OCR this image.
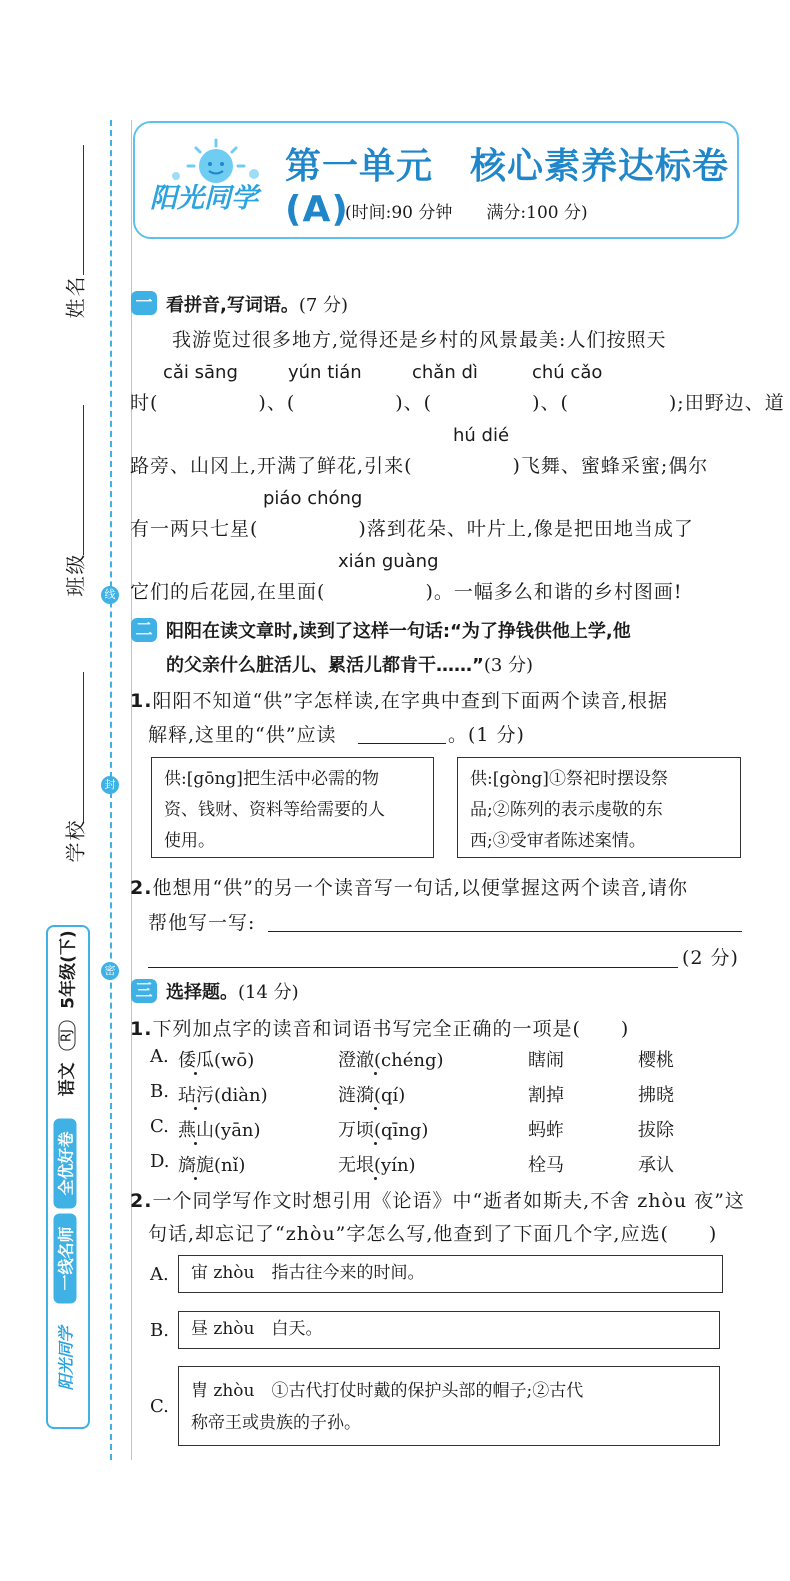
姓名
班级
学校
线
封
密
5年级(下)
RJ
语文
全优好卷
一线名师
阳光同学
阳光同学
第一单元　核心素养达标卷(A)
(时间:90 分钟　　满分:100 分)
一 看拼音,写词语。(7 分)
我游览过很多地方,觉得还是乡村的风景最美:人们按照天
cǎi sāng	yún tián	chǎn dì	chú cǎo
时(　　　　　)、(　　　　　)、(　　　　　)、(　　　　　);田野边、道
hú dié
路旁、山冈上,开满了鲜花,引来(　　　　　)飞舞、蜜蜂采蜜;偶尔
piáo chóng
有一两只七星(　　　　　)落到花朵、叶片上,像是把田地当成了
xián guàng
它们的后花园,在里面(　　　　　)。一幅多么和谐的乡村图画!
二 阳阳在读文章时,读到了这样一句话:“为了挣钱供他上学,他
的父亲什么脏活儿、累活儿都肯干……”(3 分)
1.阳阳不知道“供”字怎样读,在字典中查到下面两个读音,根据
解释,这里的“供”应读	。(1 分)
供:[gōng]把生活中必需的物
资、钱财、资料等给需要的人
使用。
供:[gòng]①祭祀时摆设祭
品;②陈列的表示虔敬的东
西;③受审者陈述案情。
2.他想用“供”的另一个读音写一句话,以便掌握这两个读音,请你
帮他写一写:
(2 分)
三 选择题。(14 分)
1.下列加点字的读音和词语书写完全正确的一项是(　　)
A. 倭瓜(wō)	澄澈(chéng)	瞎闹	樱桃
B. 玷污(diàn)	涟漪(qí)	割掉	拂晓
C. 燕山(yān)	万顷(qīng)	蚂蚱	拔除
D. 旖旎(nǐ)	无垠(yín)	栓马	承认
2.一个同学写作文时想引用《论语》中“逝者如斯夫,不舍 zhòu 夜”这
句话,却忘记了“zhòu”字怎么写,他查到了下面几个字,应选(　　)
A.	宙 zhòu　指古往今来的时间。
B.	昼 zhòu　白天。
C.
胄 zhòu　①古代打仗时戴的保护头部的帽子;②古代
称帝王或贵族的子孙。
